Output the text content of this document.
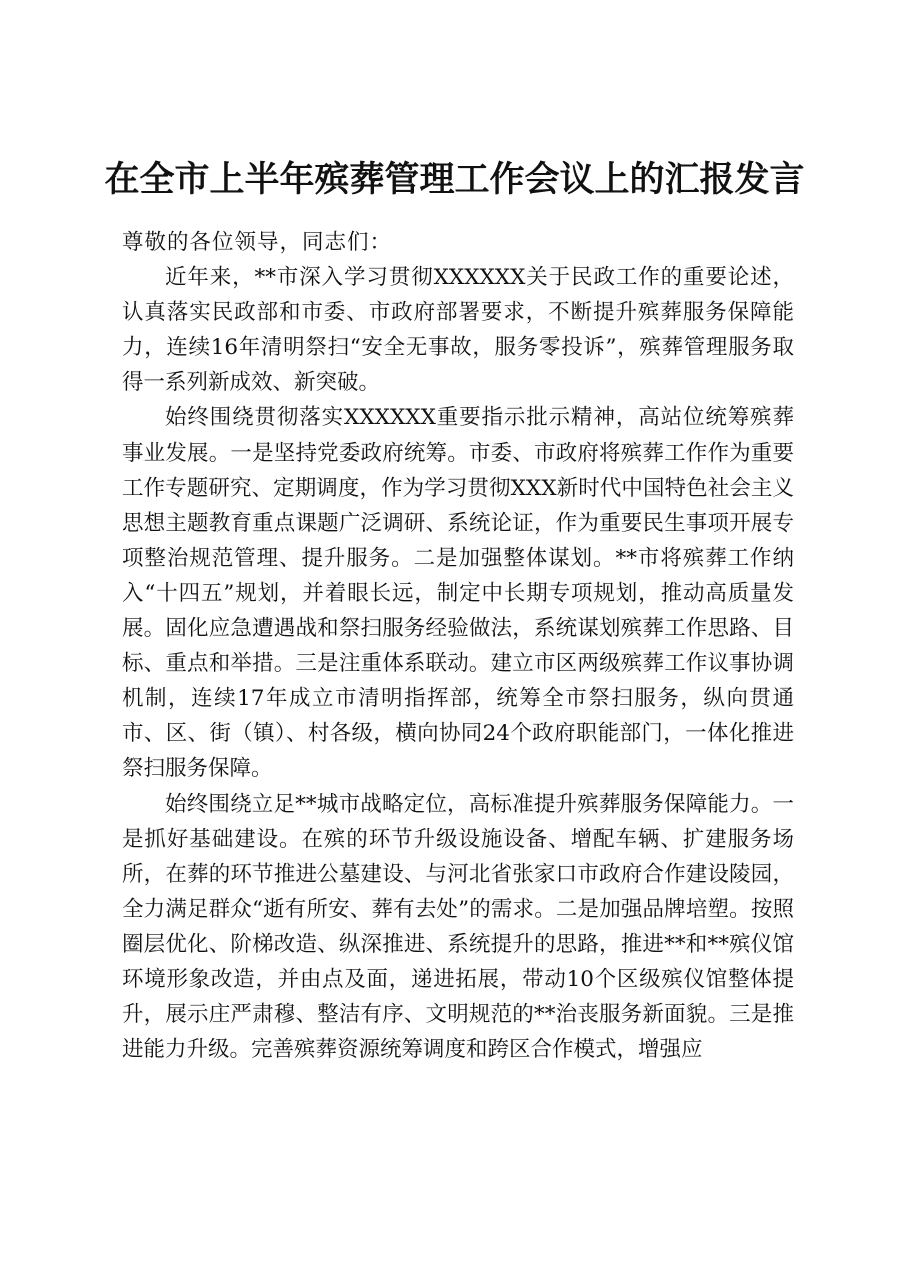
在全市上半年殡葬管理工作会议上的汇报发言

尊敬的各位领导，同志们：

近年来，**市深入学习贯彻XXXXXX关于民政工作的重要论述，认真落实民政部和市委、市政府部署要求，不断提升殡葬服务保障能力，连续16年清明祭扫“安全无事故，服务零投诉”，殡葬管理服务取得一系列新成效、新突破。

始终围绕贯彻落实XXXXXX重要指示批示精神，高站位统筹殡葬事业发展。一是坚持党委政府统筹。市委、市政府将殡葬工作作为重要工作专题研究、定期调度，作为学习贯彻XXX新时代中国特色社会主义思想主题教育重点课题广泛调研、系统论证，作为重要民生事项开展专项整治规范管理、提升服务。二是加强整体谋划。**市将殡葬工作纳入“十四五”规划，并着眼长远，制定中长期专项规划，推动高质量发展。固化应急遭遇战和祭扫服务经验做法，系统谋划殡葬工作思路、目标、重点和举措。三是注重体系联动。建立市区两级殡葬工作议事协调机制，连续17年成立市清明指挥部，统筹全市祭扫服务，纵向贯通市、区、街（镇）、村各级，横向协同24个政府职能部门，一体化推进祭扫服务保障。

始终围绕立足**城市战略定位，高标准提升殡葬服务保障能力。一是抓好基础建设。在殡的环节升级设施设备、增配车辆、扩建服务场所，在葬的环节推进公墓建设、与河北省张家口市政府合作建设陵园，全力满足群众“逝有所安、葬有去处”的需求。二是加强品牌培塑。按照圈层优化、阶梯改造、纵深推进、系统提升的思路，推进**和**殡仪馆环境形象改造，并由点及面，递进拓展，带动10个区级殡仪馆整体提升，展示庄严肃穆、整洁有序、文明规范的**治丧服务新面貌。三是推进能力升级。完善殡葬资源统筹调度和跨区合作模式，增强应
